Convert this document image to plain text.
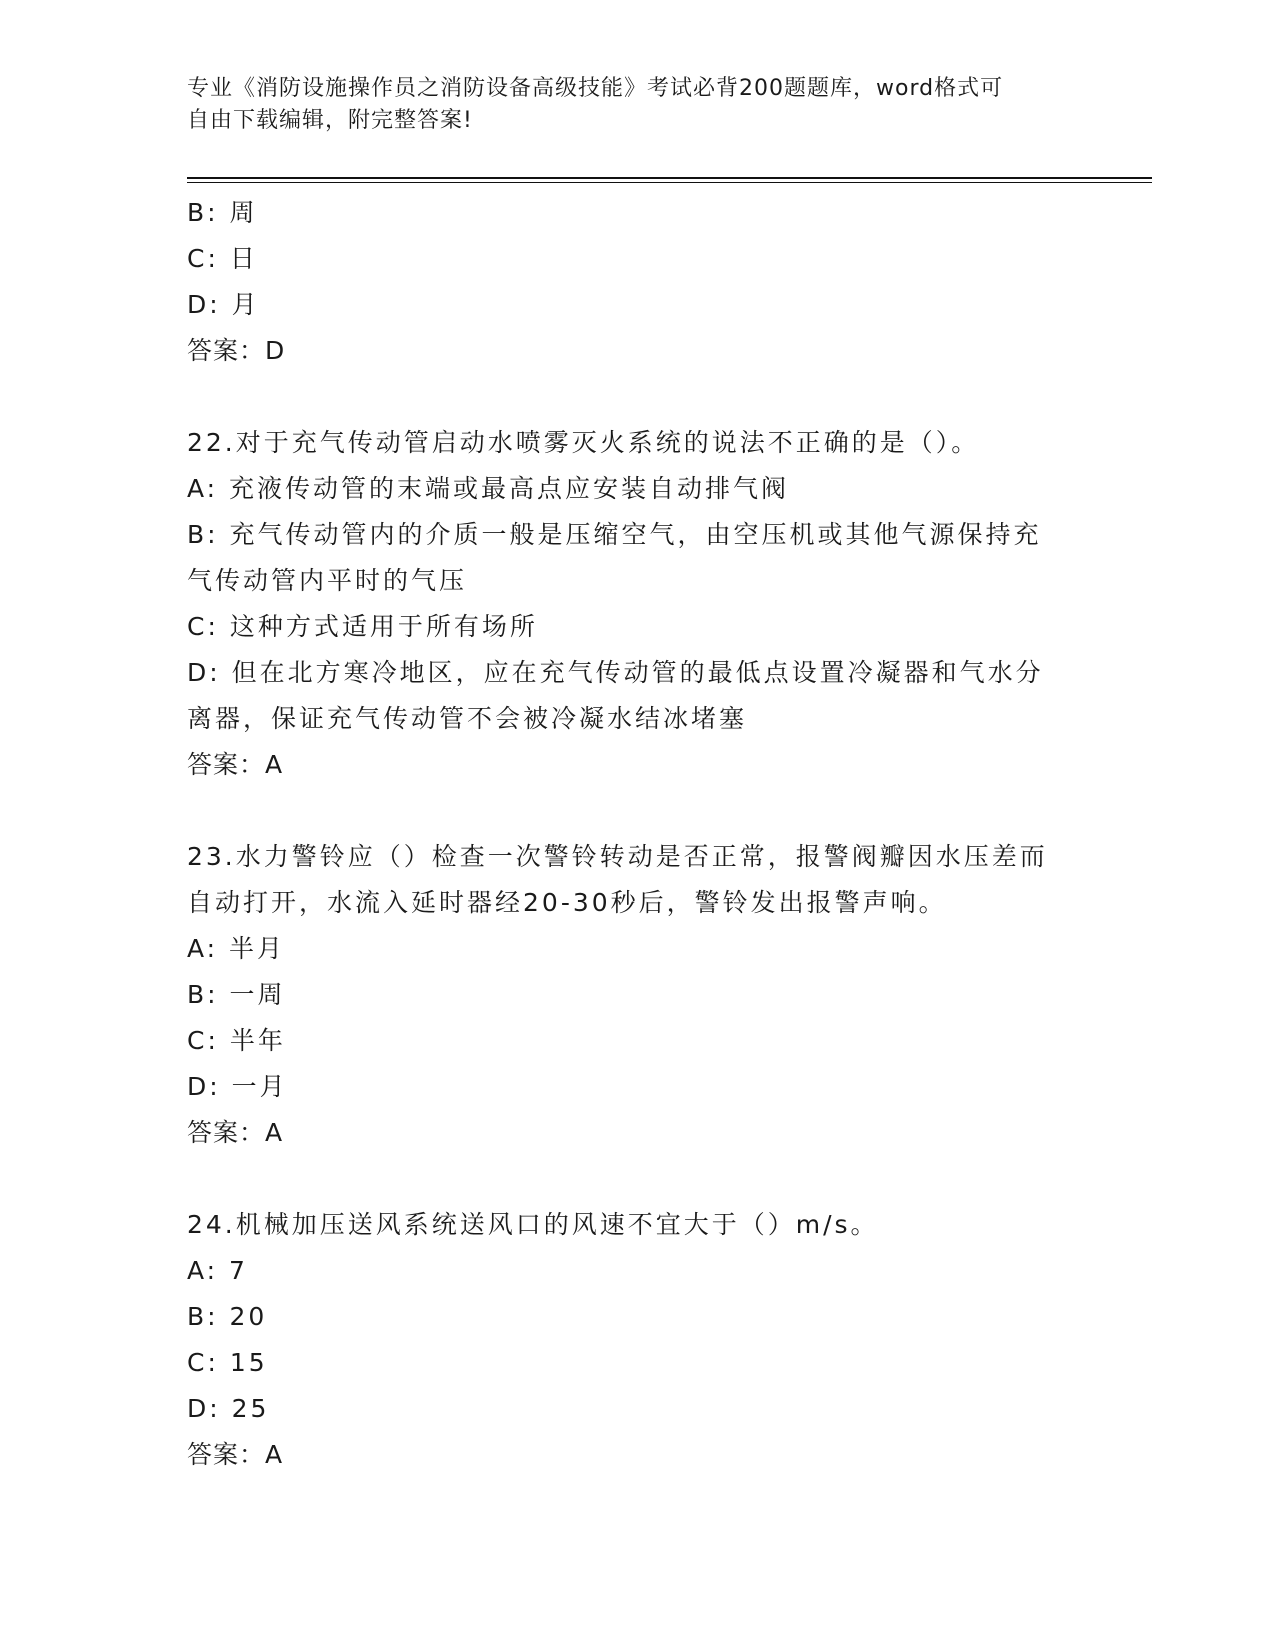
专业《消防设施操作员之消防设备高级技能》考试必背200题题库，word格式可
自由下载编辑，附完整答案!

B: 周

C: 日

D: 月

答案：D

22.对于充气传动管启动水喷雾灭火系统的说法不正确的是（）。

A: 充液传动管的末端或最高点应安装自动排气阀

B: 充气传动管内的介质一般是压缩空气，由空压机或其他气源保持充

气传动管内平时的气压

C: 这种方式适用于所有场所

D: 但在北方寒冷地区，应在充气传动管的最低点设置冷凝器和气水分

离器，保证充气传动管不会被冷凝水结冰堵塞

答案：A

23.水力警铃应（）检查一次警铃转动是否正常，报警阀瓣因水压差而

自动打开，水流入延时器经20-30秒后，警铃发出报警声响。

A: 半月

B: 一周

C: 半年

D: 一月

答案：A

24.机械加压送风系统送风口的风速不宜大于（）m/s。

A: 7

B: 20

C: 15

D: 25

答案：A
